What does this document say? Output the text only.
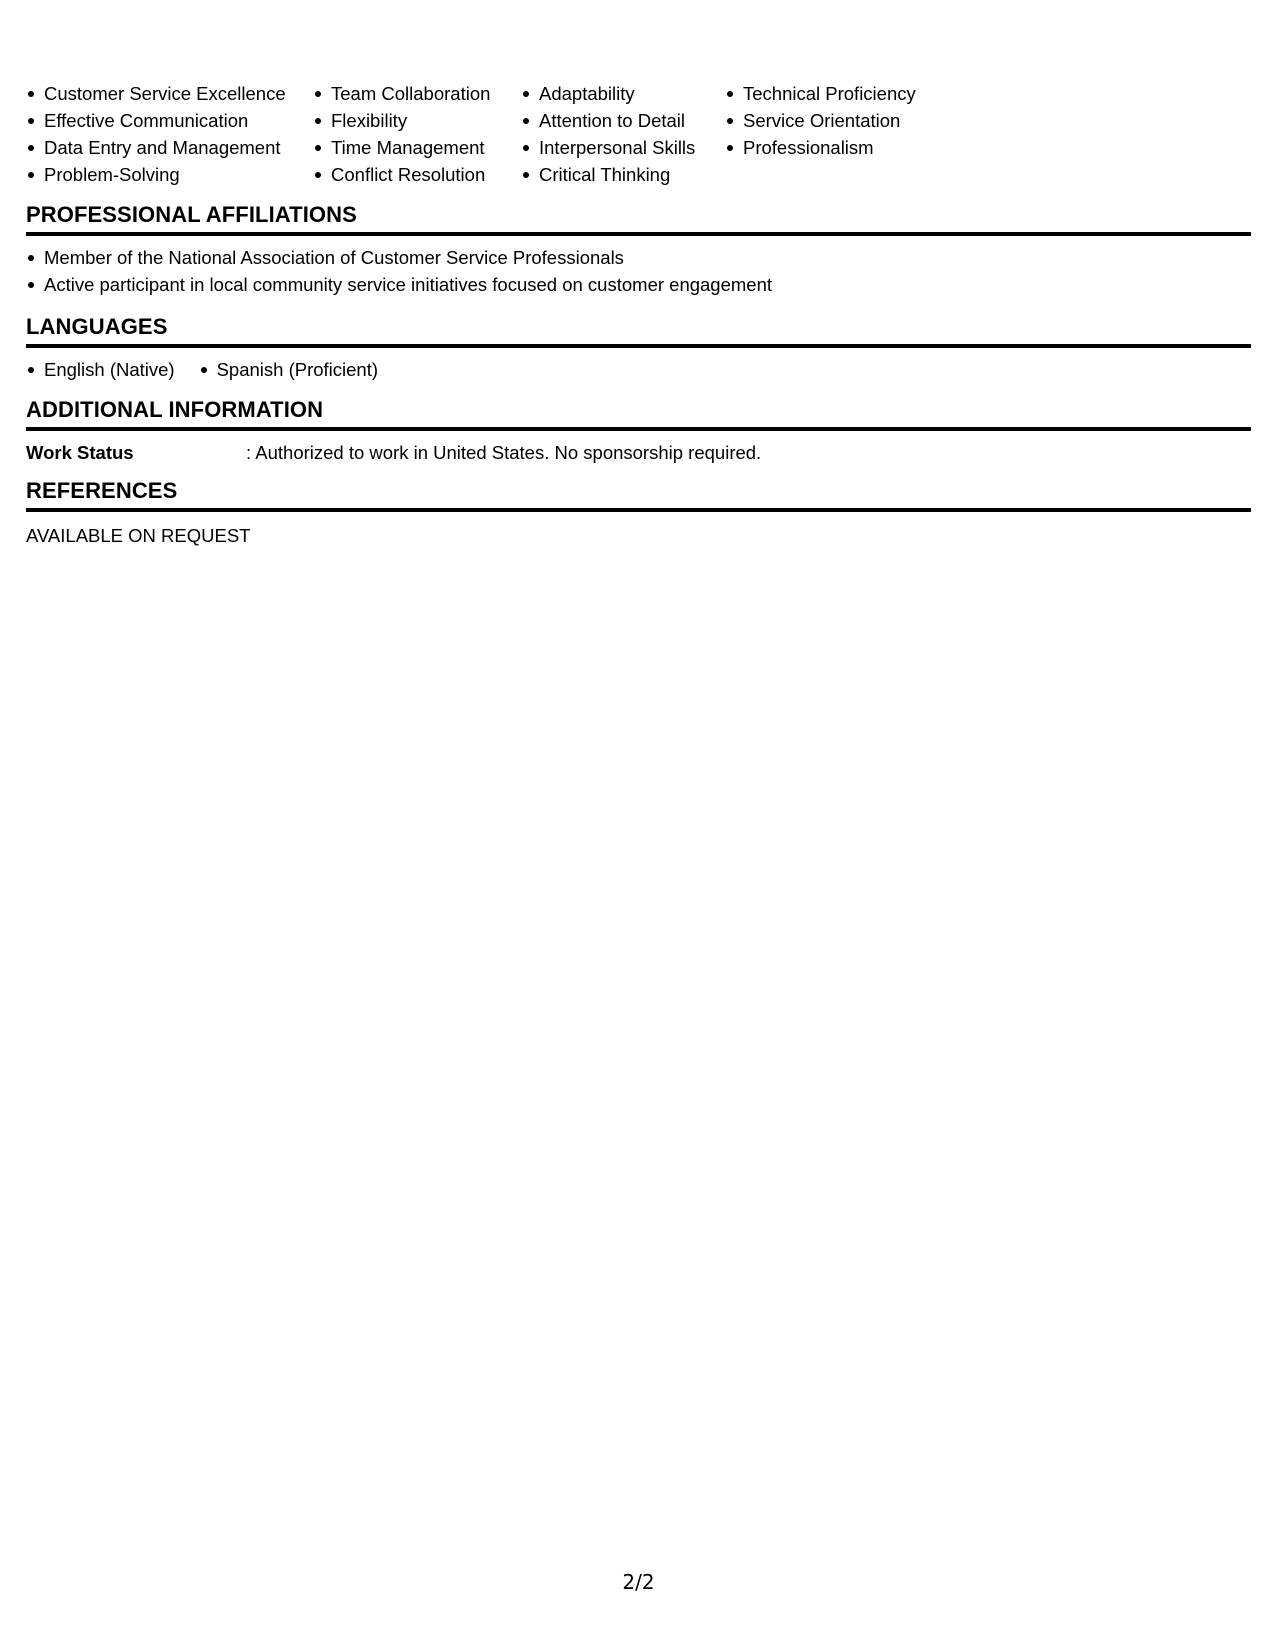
Customer Service Excellence
Effective Communication
Data Entry and Management
Problem-Solving
Team Collaboration
Flexibility
Time Management
Conflict Resolution
Adaptability
Attention to Detail
Interpersonal Skills
Critical Thinking
Technical Proficiency
Service Orientation
Professionalism
PROFESSIONAL AFFILIATIONS
Member of the National Association of Customer Service Professionals
Active participant in local community service initiatives focused on customer engagement
LANGUAGES
English (Native)	Spanish (Proficient)
ADDITIONAL INFORMATION
Work Status	: Authorized to work in United States. No sponsorship required.
REFERENCES
AVAILABLE ON REQUEST
2/2
